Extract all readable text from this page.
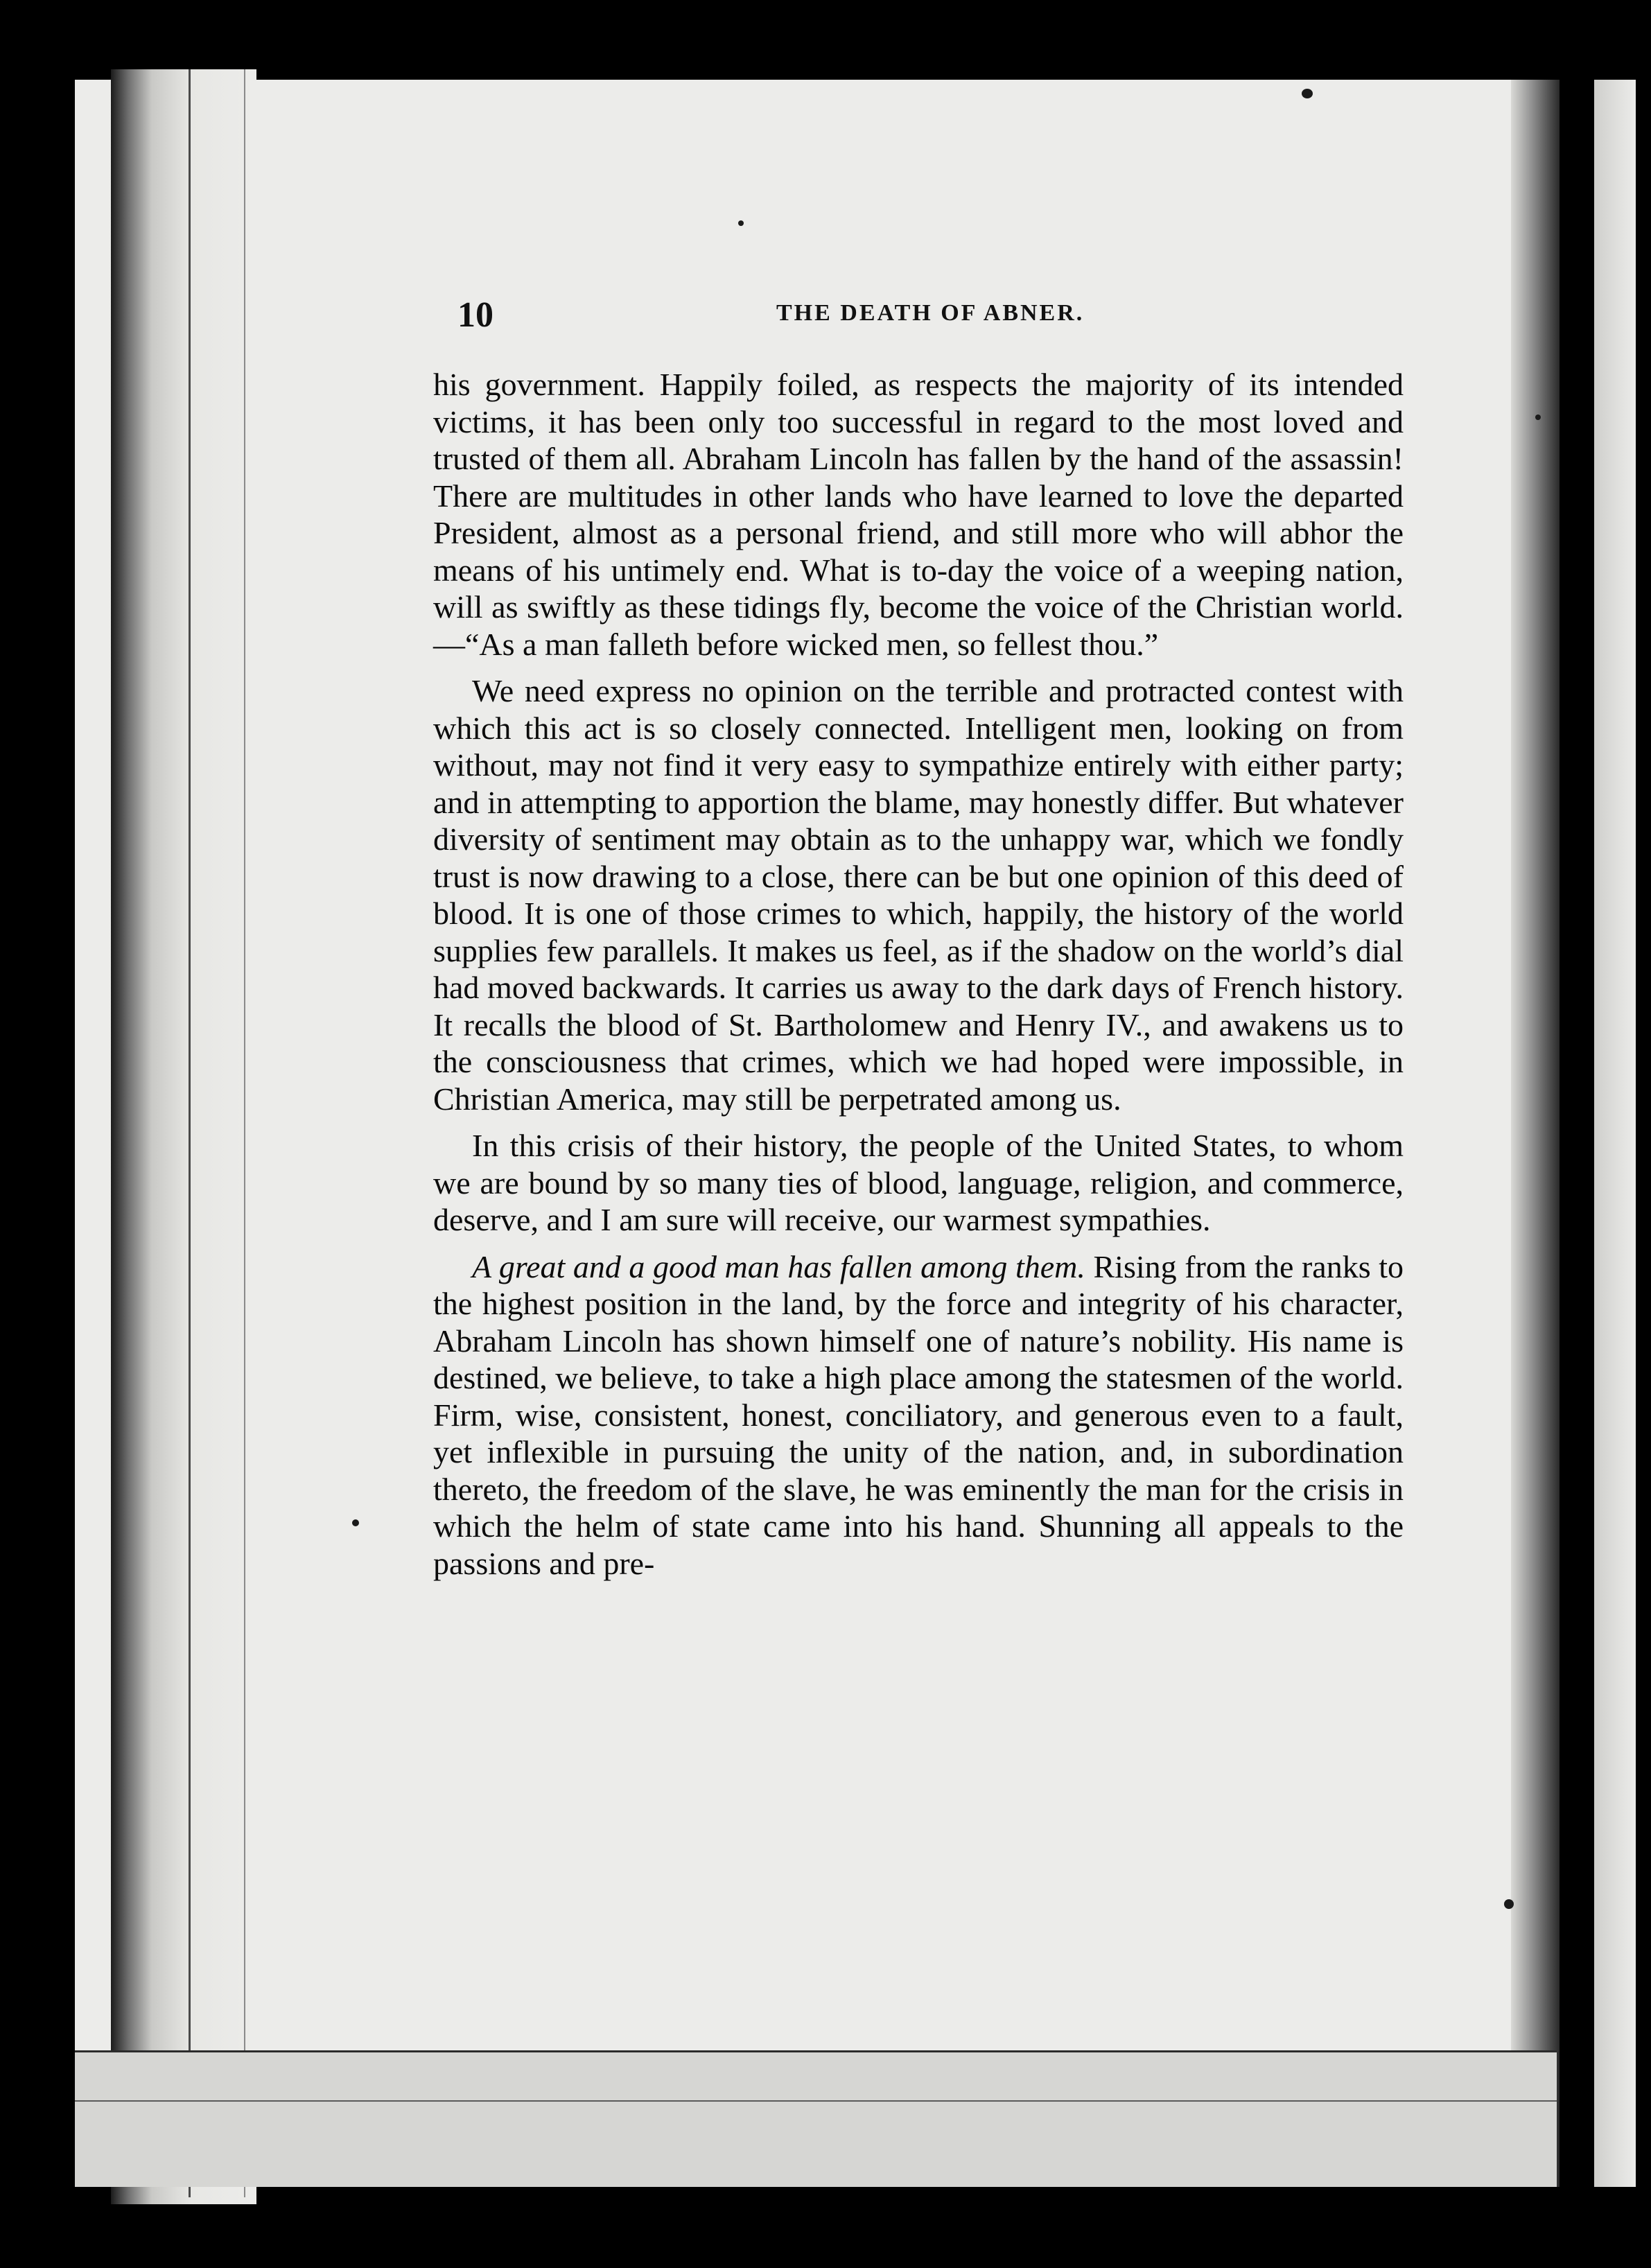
10	THE DEATH OF ABNER.

his government. Happily foiled, as respects the majority of its intended victims, it has been only too successful in regard to the most loved and trusted of them all. Abraham Lincoln has fallen by the hand of the assassin! There are multitudes in other lands who have learned to love the departed President, almost as a personal friend, and still more who will abhor the means of his untimely end. What is to-day the voice of a weeping nation, will as swiftly as these tidings fly, become the voice of the Christian world. —“As a man falleth before wicked men, so fellest thou.”

We need express no opinion on the terrible and protracted contest with which this act is so closely connected. Intelligent men, looking on from without, may not find it very easy to sympathize entirely with either party; and in attempting to apportion the blame, may honestly differ. But whatever diversity of sentiment may obtain as to the unhappy war, which we fondly trust is now drawing to a close, there can be but one opinion of this deed of blood. It is one of those crimes to which, happily, the history of the world supplies few parallels. It makes us feel, as if the shadow on the world’s dial had moved backwards. It carries us away to the dark days of French history. It recalls the blood of St. Bartholomew and Henry IV., and awakens us to the consciousness that crimes, which we had hoped were impossible, in Christian America, may still be perpetrated among us.

In this crisis of their history, the people of the United States, to whom we are bound by so many ties of blood, language, religion, and commerce, deserve, and I am sure will receive, our warmest sympathies.

A great and a good man has fallen among them. Rising from the ranks to the highest position in the land, by the force and integrity of his character, Abraham Lincoln has shown himself one of nature’s nobility. His name is destined, we believe, to take a high place among the statesmen of the world. Firm, wise, consistent, honest, conciliatory, and generous even to a fault, yet inflexible in pursuing the unity of the nation, and, in subordination thereto, the freedom of the slave, he was eminently the man for the crisis in which the helm of state came into his hand. Shunning all appeals to the passions and pre-
